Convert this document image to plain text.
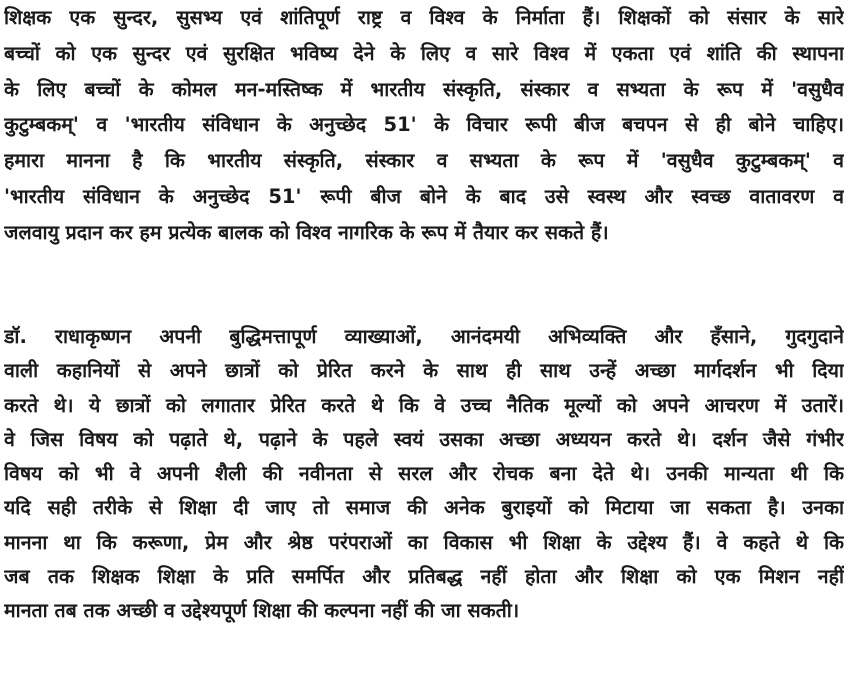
शिक्षक एक सुन्दर, सुसभ्य एवं शांतिपूर्ण राष्ट्र व विश्व के निर्माता हैं। शिक्षकों को संसार के सारे
बच्चों को एक सुन्दर एवं सुरक्षित भविष्य देने के लिए व सारे विश्व में एकता एवं शांति की स्थापना
के लिए बच्चों के कोमल मन-मस्तिष्क में भारतीय संस्कृति, संस्कार व सभ्यता के रूप में 'वसुधैव
कुटुम्बकम्' व 'भारतीय संविधान के अनुच्छेद 51' के विचार रूपी बीज बचपन से ही बोने चाहिए।
हमारा मानना है कि भारतीय संस्कृति, संस्कार व सभ्यता के रूप में 'वसुधैव कुटुम्बकम्' व
'भारतीय संविधान के अनुच्छेद 51' रूपी बीज बोने के बाद उसे स्वस्थ और स्वच्छ वातावरण व
जलवायु प्रदान कर हम प्रत्येक बालक को विश्व नागरिक के रूप में तैयार कर सकते हैं।
डॉ. राधाकृष्णन अपनी बुद्धिमत्तापूर्ण व्याख्याओं, आनंदमयी अभिव्यक्ति और हँसाने, गुदगुदाने
वाली कहानियों से अपने छात्रों को प्रेरित करने के साथ ही साथ उन्हें अच्छा मार्गदर्शन भी दिया
करते थे। ये छात्रों को लगातार प्रेरित करते थे कि वे उच्च नैतिक मूल्यों को अपने आचरण में उतारें।
वे जिस विषय को पढ़ाते थे, पढ़ाने के पहले स्वयं उसका अच्छा अध्ययन करते थे। दर्शन जैसे गंभीर
विषय को भी वे अपनी शैली की नवीनता से सरल और रोचक बना देते थे। उनकी मान्यता थी कि
यदि सही तरीके से शिक्षा दी जाए तो समाज की अनेक बुराइयों को मिटाया जा सकता है। उनका
मानना था कि करूणा, प्रेम और श्रेष्ठ परंपराओं का विकास भी शिक्षा के उद्देश्य हैं। वे कहते थे कि
जब तक शिक्षक शिक्षा के प्रति समर्पित और प्रतिबद्ध नहीं होता और शिक्षा को एक मिशन नहीं
मानता तब तक अच्छी व उद्देश्यपूर्ण शिक्षा की कल्पना नहीं की जा सकती।
